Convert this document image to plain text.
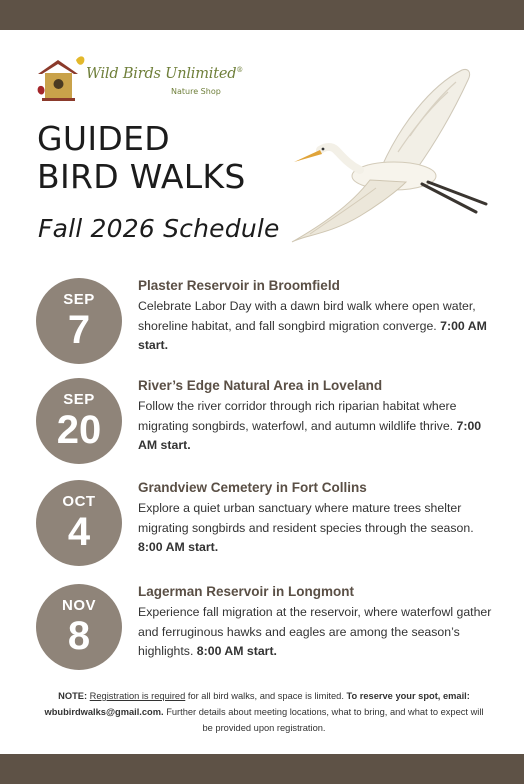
Wild Birds Unlimited®
Nature Shop
GUIDED
BIRD WALKS
Fall 2026 Schedule
SEP
7
Plaster Reservoir in Broomfield
Celebrate Labor Day with a dawn bird walk where open water, shoreline habitat, and fall songbird migration converge. 7:00 AM start.
SEP
20
River’s Edge Natural Area in Loveland
Follow the river corridor through rich riparian habitat where migrating songbirds, waterfowl, and autumn wildlife thrive. 7:00 AM start.
OCT
4
Grandview Cemetery in Fort Collins
Explore a quiet urban sanctuary where mature trees shelter migrating songbirds and resident species through the season. 8:00 AM start.
NOV
8
Lagerman Reservoir in Longmont
Experience fall migration at the reservoir, where waterfowl gather and ferruginous hawks and eagles are among the season’s highlights. 8:00 AM start.
NOTE: Registration is required for all bird walks, and space is limited. To reserve your spot, email: wbubirdwalks@gmail.com. Further details about meeting locations, what to bring, and what to expect will be provided upon registration.
